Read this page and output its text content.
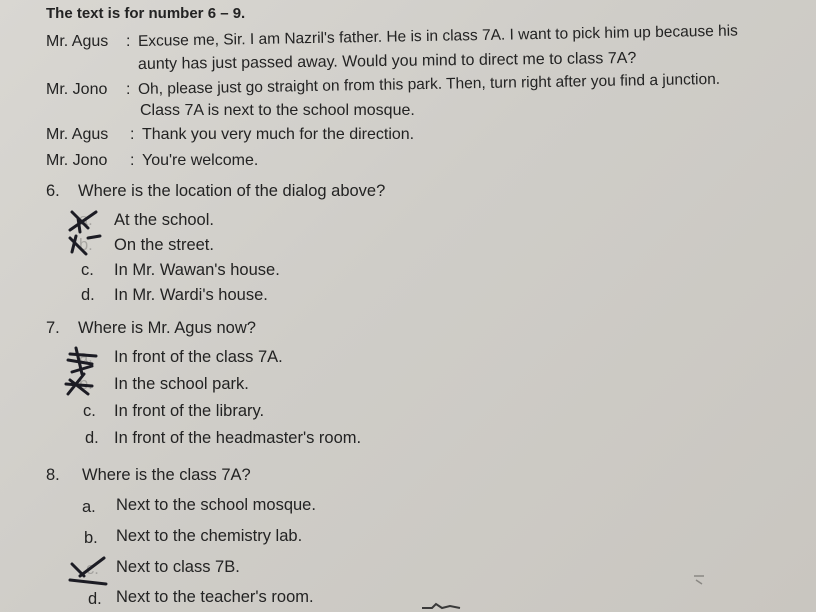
The text is for number 6 – 9.
Mr. Agus : Excuse me, Sir. I am Nazril's father. He is in class 7A. I want to pick him up because his
aunty has just passed away. Would you mind to direct me to class 7A?
Mr. Jono : Oh, please just go straight on from this park. Then, turn right after you find a junction.
Class 7A is next to the school mosque.
Mr. Agus : Thank you very much for the direction.
Mr. Jono : You're welcome.
6. Where is the location of the dialog above?
a. At the school.
b. On the street.
c. In Mr. Wawan's house.
d. In Mr. Wardi's house.
7. Where is Mr. Agus now?
a. In front of the class 7A.
b. In the school park.
c. In front of the library.
d. In front of the headmaster's room.
8. Where is the class 7A?
a. Next to the school mosque.
b. Next to the chemistry lab.
c. Next to class 7B.
d. Next to the teacher's room.
